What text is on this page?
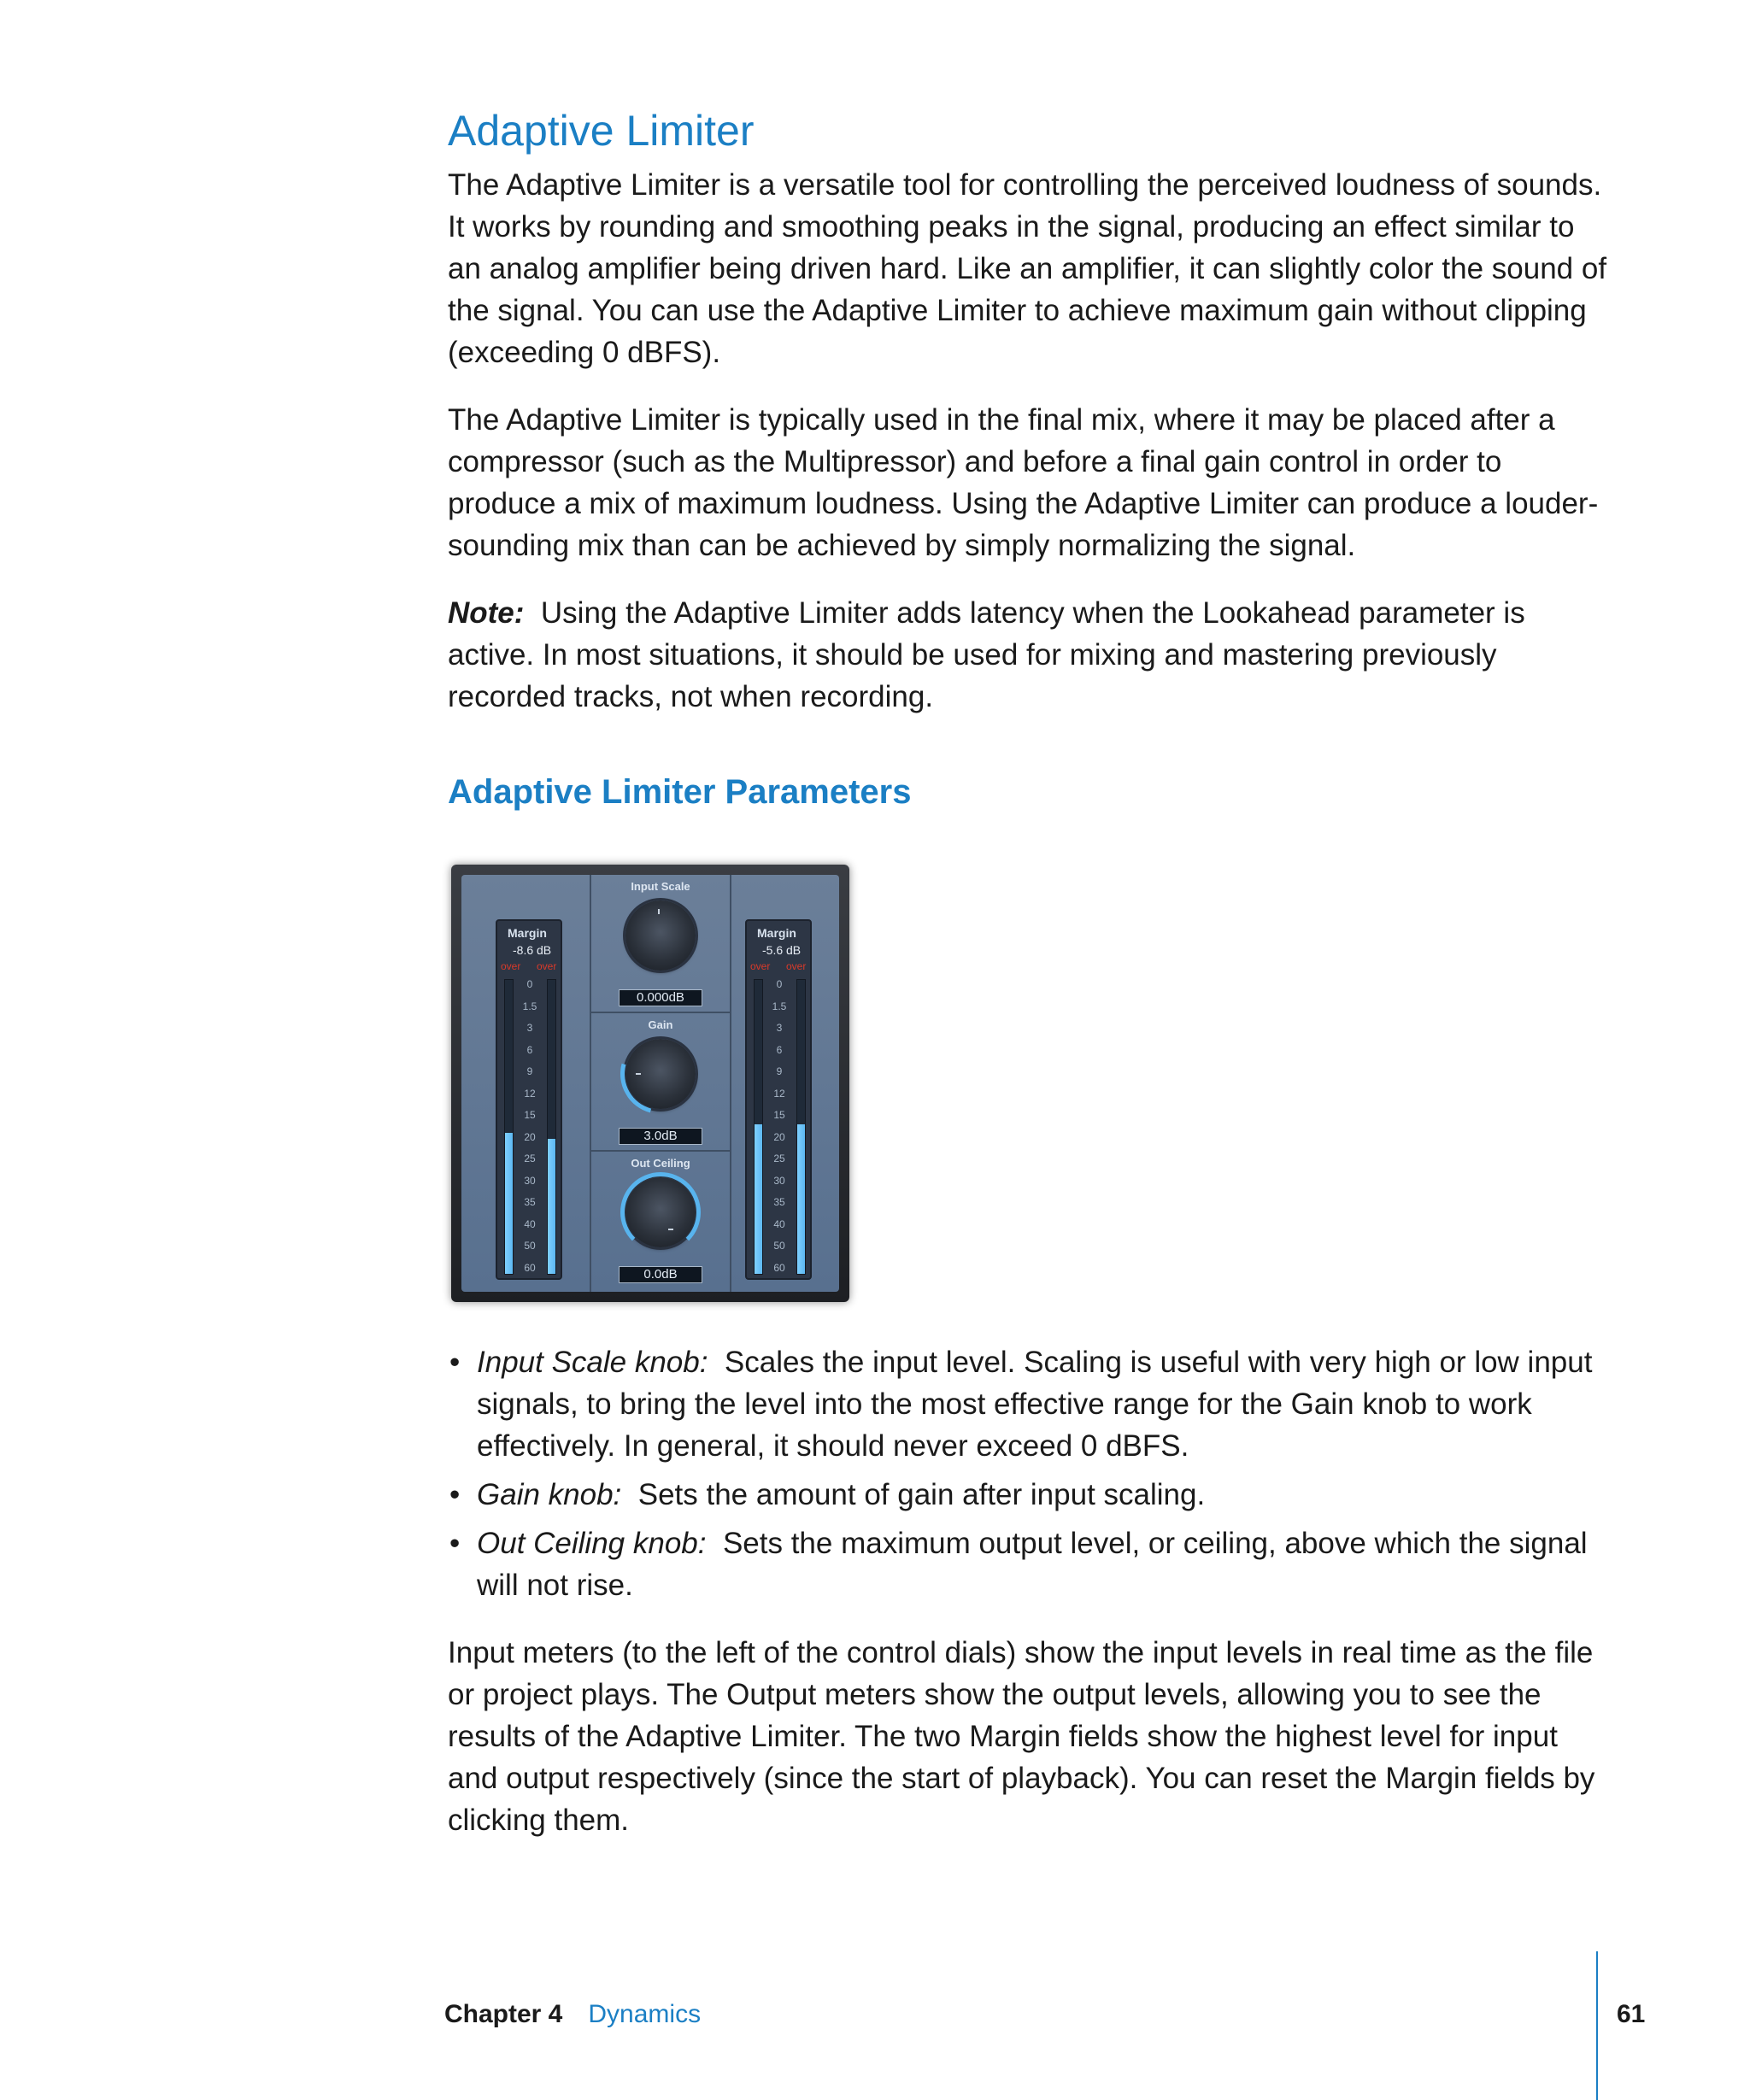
Adaptive Limiter

The Adaptive Limiter is a versatile tool for controlling the perceived loudness of sounds. It works by rounding and smoothing peaks in the signal, producing an effect similar to an analog amplifier being driven hard. Like an amplifier, it can slightly color the sound of the signal. You can use the Adaptive Limiter to achieve maximum gain without clipping (exceeding 0 dBFS).

The Adaptive Limiter is typically used in the final mix, where it may be placed after a compressor (such as the Multipressor) and before a final gain control in order to produce a mix of maximum loudness. Using the Adaptive Limiter can produce a louder-sounding mix than can be achieved by simply normalizing the signal.

Note: Using the Adaptive Limiter adds latency when the Lookahead parameter is active. In most situations, it should be used for mixing and mastering previously recorded tracks, not when recording.

Adaptive Limiter Parameters
Margin
-8.6 dB
over over
0
1.5
3
6
9
12
15
20
25
30
35
40
50
60
Input Scale
0.000dB
Gain
3.0dB
Out Ceiling
0.0dB
Margin
-5.6 dB
over over
0
1.5
3
6
9
12
15
20
25
30
35
40
50
60
• Input Scale knob: Scales the input level. Scaling is useful with very high or low input signals, to bring the level into the most effective range for the Gain knob to work effectively. In general, it should never exceed 0 dBFS.
• Gain knob: Sets the amount of gain after input scaling.
• Out Ceiling knob: Sets the maximum output level, or ceiling, above which the signal will not rise.

Input meters (to the left of the control dials) show the input levels in real time as the file or project plays. The Output meters show the output levels, allowing you to see the results of the Adaptive Limiter. The two Margin fields show the highest level for input and output respectively (since the start of playback). You can reset the Margin fields by clicking them.

Chapter 4 Dynamics	61
